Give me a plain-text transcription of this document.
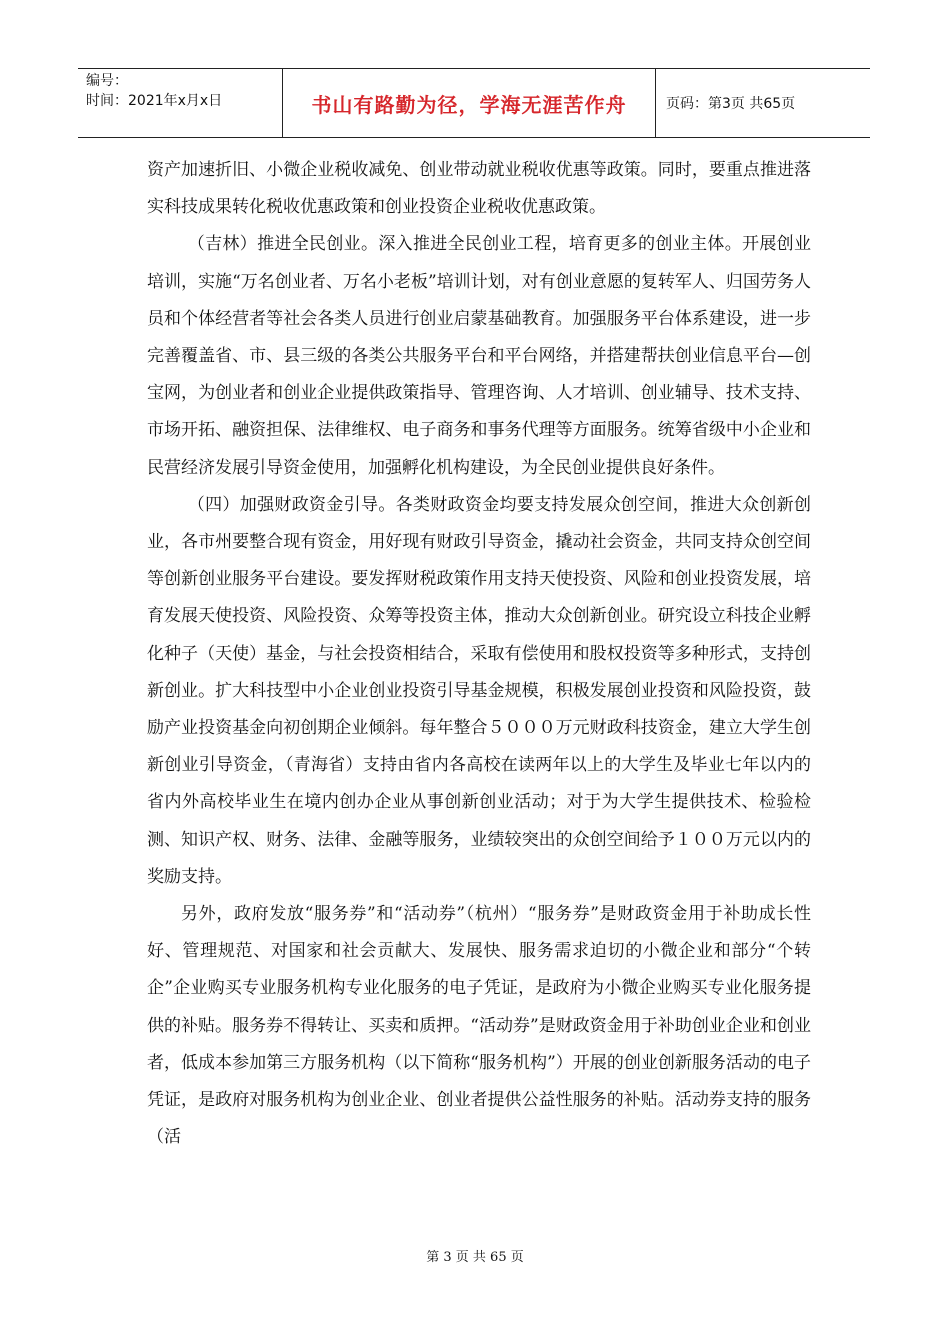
编号：
时间：2021年x月x日	书山有路勤为径，学海无涯苦作舟	页码：第3页 共65页

资产加速折旧、小微企业税收减免、创业带动就业税收优惠等政策。同时，要重点推进落实科技成果转化税收优惠政策和创业投资企业税收优惠政策。

（吉林）推进全民创业。深入推进全民创业工程，培育更多的创业主体。开展创业培训，实施“万名创业者、万名小老板”培训计划，对有创业意愿的复转军人、归国劳务人员和个体经营者等社会各类人员进行创业启蒙基础教育。加强服务平台体系建设，进一步完善覆盖省、市、县三级的各类公共服务平台和平台网络，并搭建帮扶创业信息平台—创宝网，为创业者和创业企业提供政策指导、管理咨询、人才培训、创业辅导、技术支持、市场开拓、融资担保、法律维权、电子商务和事务代理等方面服务。统筹省级中小企业和民营经济发展引导资金使用，加强孵化机构建设，为全民创业提供良好条件。

（四）加强财政资金引导。各类财政资金均要支持发展众创空间，推进大众创新创业，各市州要整合现有资金，用好现有财政引导资金，撬动社会资金，共同支持众创空间等创新创业服务平台建设。要发挥财税政策作用支持天使投资、风险和创业投资发展，培育发展天使投资、风险投资、众筹等投资主体，推动大众创新创业。研究设立科技企业孵化种子（天使）基金，与社会投资相结合，采取有偿使用和股权投资等多种形式，支持创新创业。扩大科技型中小企业创业投资引导基金规模，积极发展创业投资和风险投资，鼓励产业投资基金向初创期企业倾斜。每年整合５０００万元财政科技资金，建立大学生创新创业引导资金，（青海省）支持由省内各高校在读两年以上的大学生及毕业七年以内的省内外高校毕业生在境内创办企业从事创新创业活动；对于为大学生提供技术、检验检测、知识产权、财务、法律、金融等服务，业绩较突出的众创空间给予１００万元以内的奖励支持。

另外，政府发放“服务券”和“活动券”（杭州）“服务券”是财政资金用于补助成长性好、管理规范、对国家和社会贡献大、发展快、服务需求迫切的小微企业和部分“个转企”企业购买专业服务机构专业化服务的电子凭证，是政府为小微企业购买专业化服务提供的补贴。服务券不得转让、买卖和质押。“活动券”是财政资金用于补助创业企业和创业者，低成本参加第三方服务机构（以下简称“服务机构”）开展的创业创新服务活动的电子凭证，是政府对服务机构为创业企业、创业者提供公益性服务的补贴。活动券支持的服务（活

第 3 页 共 65 页
